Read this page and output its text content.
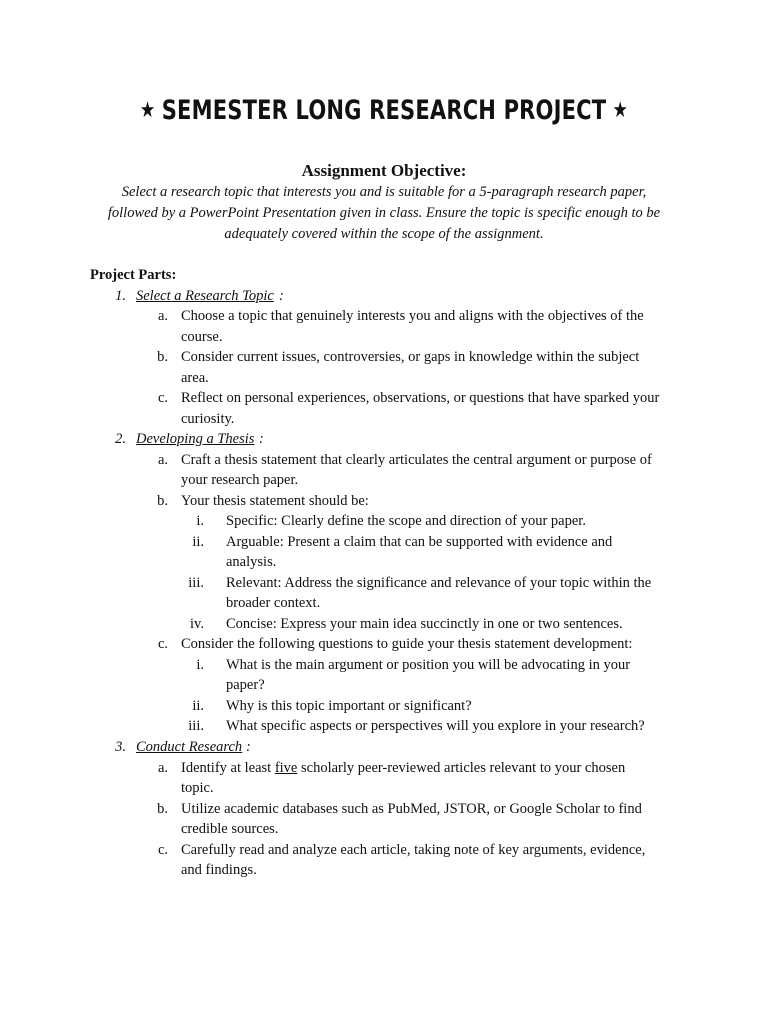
★ SEMESTER LONG RESEARCH PROJECT ★
Assignment Objective:
Select a research topic that interests you and is suitable for a 5-paragraph research paper,
followed by a PowerPoint Presentation given in class. Ensure the topic is specific enough to be
adequately covered within the scope of the assignment.
Project Parts:
1. Select a Research Topic :
a. Choose a topic that genuinely interests you and aligns with the objectives of the
course.
b. Consider current issues, controversies, or gaps in knowledge within the subject
area.
c. Reflect on personal experiences, observations, or questions that have sparked your
curiosity.
2. Developing a Thesis :
a. Craft a thesis statement that clearly articulates the central argument or purpose of
your research paper.
b. Your thesis statement should be:
i. Specific: Clearly define the scope and direction of your paper.
ii. Arguable: Present a claim that can be supported with evidence and
analysis.
iii. Relevant: Address the significance and relevance of your topic within the
broader context.
iv. Concise: Express your main idea succinctly in one or two sentences.
c. Consider the following questions to guide your thesis statement development:
i. What is the main argument or position you will be advocating in your
paper?
ii. Why is this topic important or significant?
iii. What specific aspects or perspectives will you explore in your research?
3. Conduct Research :
a. Identify at least five scholarly peer-reviewed articles relevant to your chosen
topic.
b. Utilize academic databases such as PubMed, JSTOR, or Google Scholar to find
credible sources.
c. Carefully read and analyze each article, taking note of key arguments, evidence,
and findings.
